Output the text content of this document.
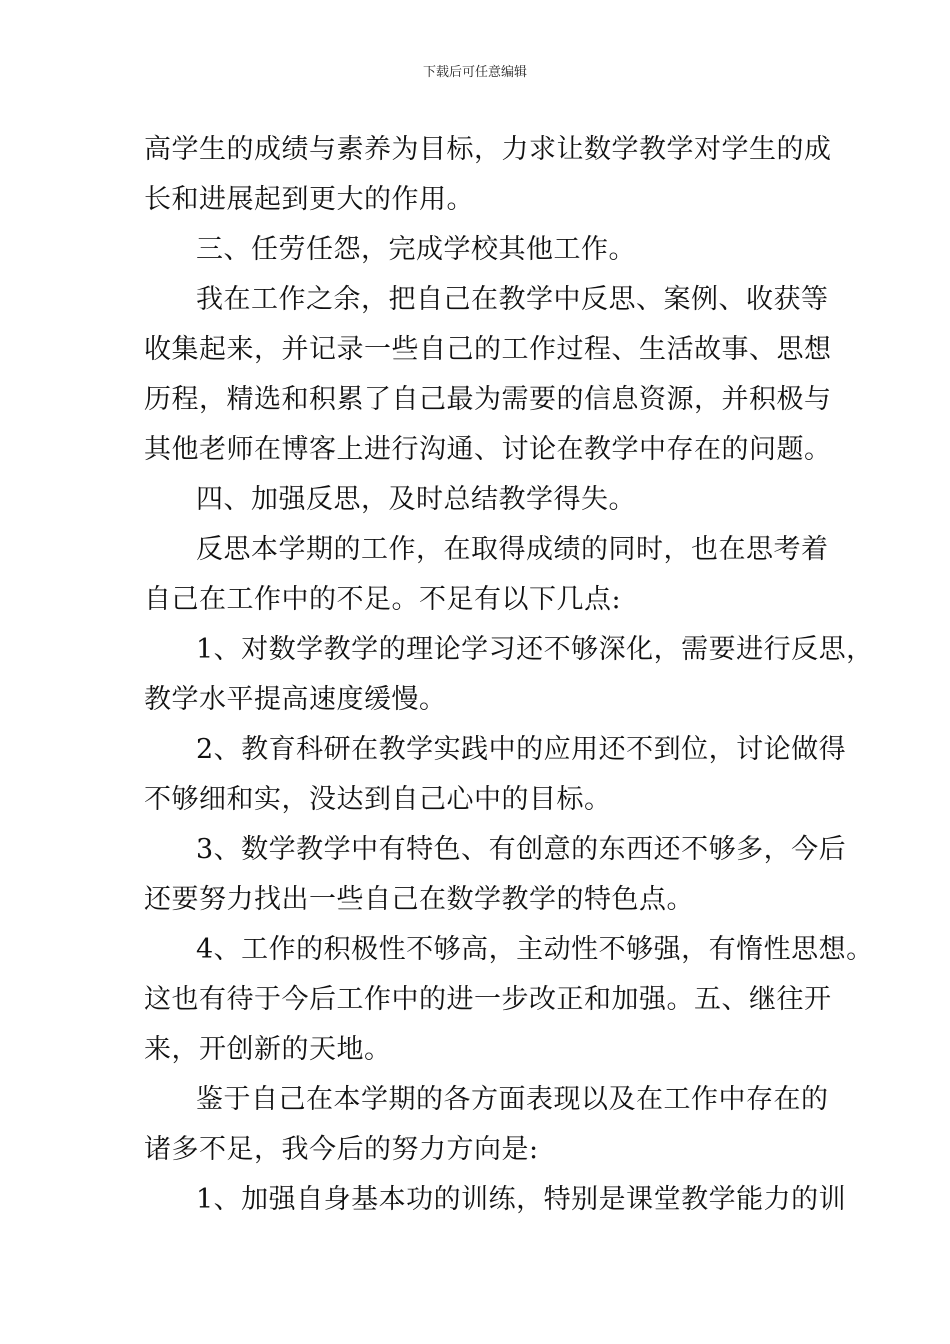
下载后可任意编辑
高学生的成绩与素养为目标，力求让数学教学对学生的成
长和进展起到更大的作用。
三、任劳任怨，完成学校其他工作。
我在工作之余，把自己在教学中反思、案例、收获等
收集起来，并记录一些自己的工作过程、生活故事、思想
历程，精选和积累了自己最为需要的信息资源，并积极与
其他老师在博客上进行沟通、讨论在教学中存在的问题。
四、加强反思，及时总结教学得失。
反思本学期的工作，在取得成绩的同时，也在思考着
自己在工作中的不足。不足有以下几点:
1、对数学教学的理论学习还不够深化，需要进行反思，
教学水平提高速度缓慢。
2、教育科研在教学实践中的应用还不到位，讨论做得
不够细和实，没达到自己心中的目标。
3、数学教学中有特色、有创意的东西还不够多，今后
还要努力找出一些自己在数学教学的特色点。
4、工作的积极性不够高，主动性不够强，有惰性思想。
这也有待于今后工作中的进一步改正和加强。五、继往开
来，开创新的天地。
鉴于自己在本学期的各方面表现以及在工作中存在的
诸多不足，我今后的努力方向是:
1、加强自身基本功的训练，特别是课堂教学能力的训
